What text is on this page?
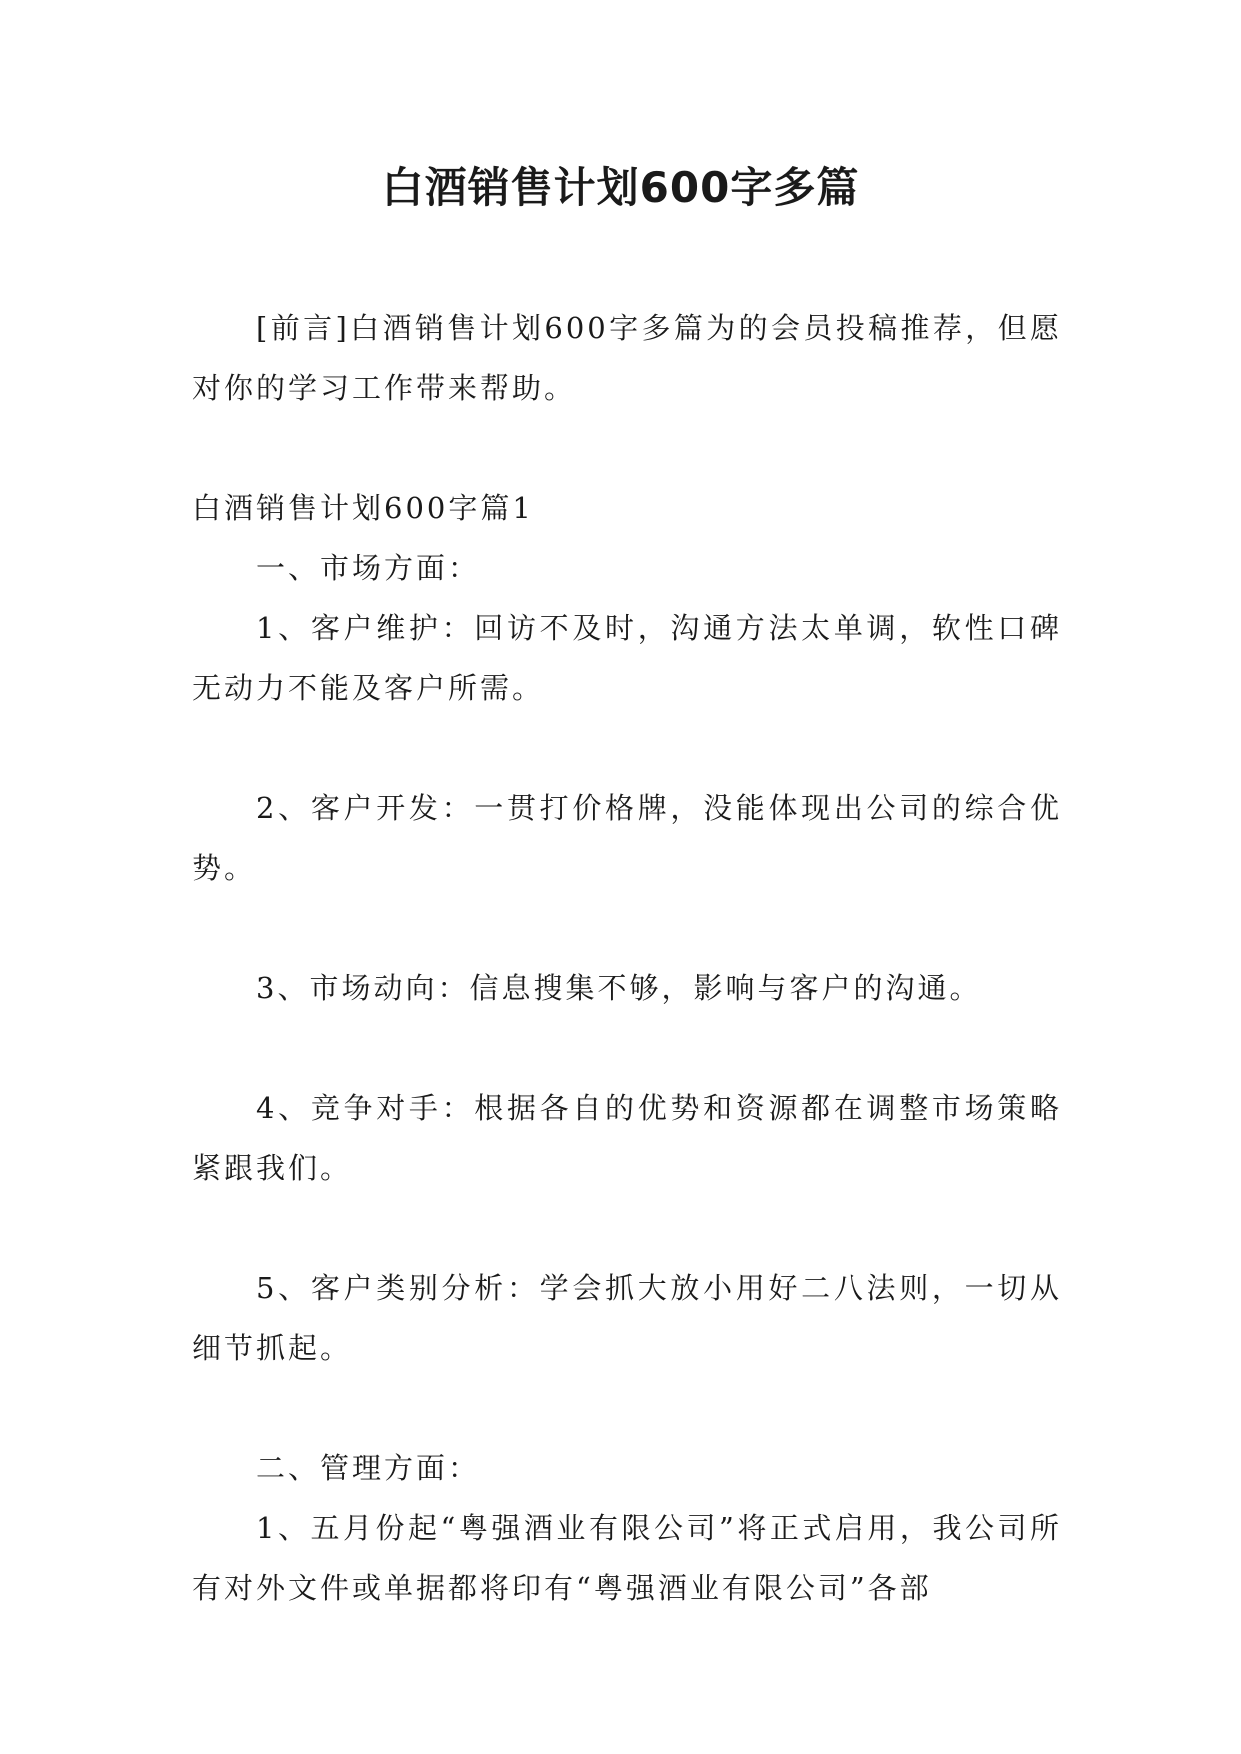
白酒销售计划600字多篇

[前言]白酒销售计划600字多篇为的会员投稿推荐，但愿对你的学习工作带来帮助。

白酒销售计划600字篇1

一、市场方面：

1、客户维护：回访不及时，沟通方法太单调，软性口碑无动力不能及客户所需。

2、客户开发：一贯打价格牌，没能体现出公司的综合优势。

3、市场动向：信息搜集不够，影响与客户的沟通。

4、竞争对手：根据各自的优势和资源都在调整市场策略紧跟我们。

5、客户类别分析：学会抓大放小用好二八法则，一切从细节抓起。

二、管理方面：

1、五月份起“粤强酒业有限公司”将正式启用，我公司所有对外文件或单据都将印有“粤强酒业有限公司”各部
